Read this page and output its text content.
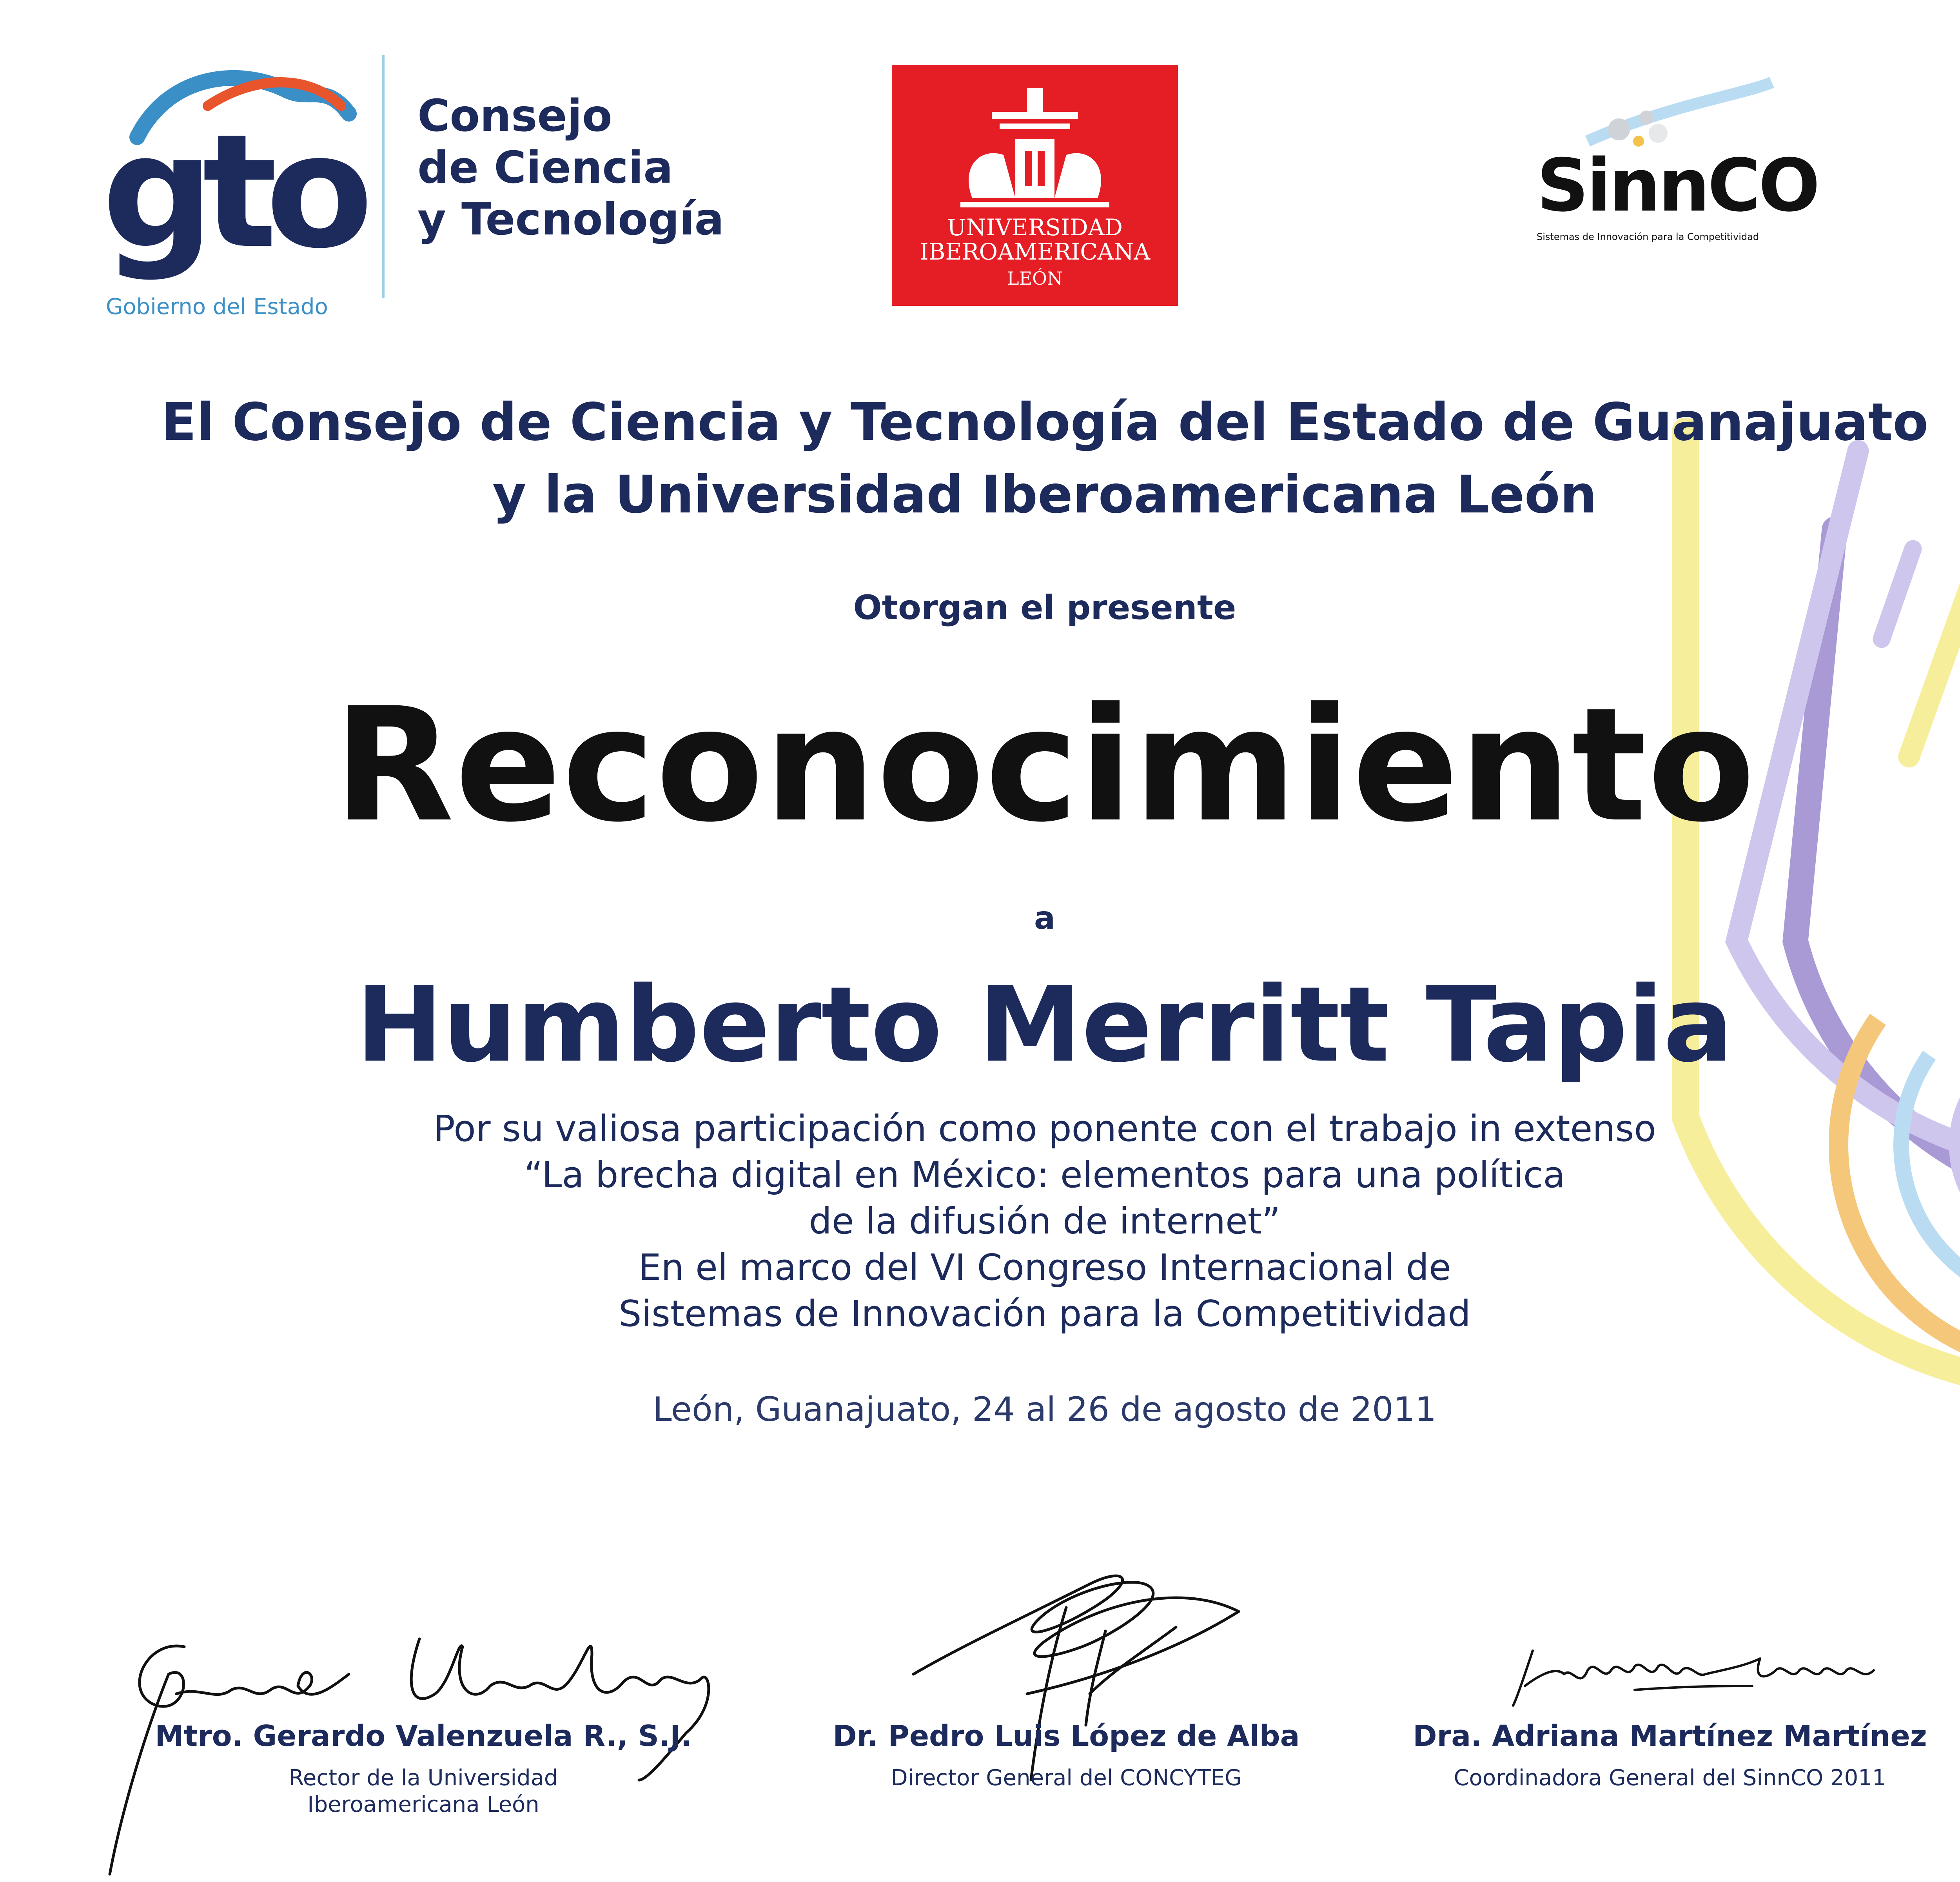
gto
Gobierno del Estado
Consejo
de Ciencia
y Tecnología	UNIVERSIDAD
IBEROAMERICANA
LEÓN
SinnCO
Sistemas de Innovación para la Competitividad
El Consejo de Ciencia y Tecnología del Estado de Guanajuato
y la Universidad Iberoamericana León
Otorgan el presente
Reconocimiento
a
Humberto Merritt Tapia
Por su valiosa participación como ponente con el trabajo in extenso
“La brecha digital en México: elementos para una política
de la difusión de internet”
En el marco del VI Congreso Internacional de
Sistemas de Innovación para la Competitividad
León, Guanajuato, 24 al 26 de agosto de 2011
Mtro. Gerardo Valenzuela R., S.J.
Rector de la Universidad
Iberoamericana León
Dr. Pedro Luis López de Alba
Director General del CONCYTEG
Dra. Adriana Martínez Martínez
Coordinadora General del SinnCO 2011
